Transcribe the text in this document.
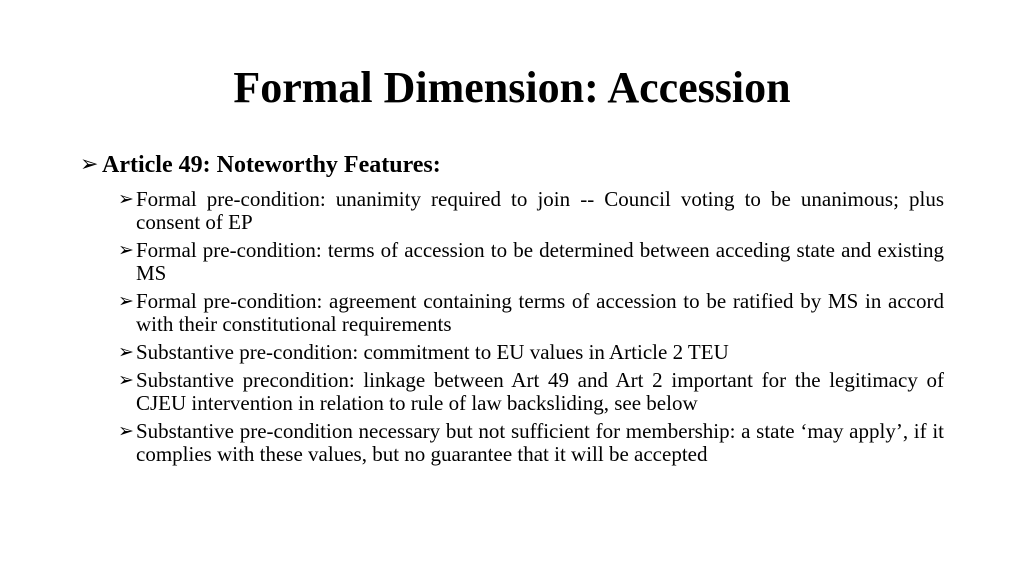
Formal Dimension: Accession
➢ Article 49: Noteworthy Features:
➢ Formal pre-condition: unanimity required to join -- Council voting to be unanimous; plus consent of EP
➢ Formal pre-condition: terms of accession to be determined between acceding state and existing MS
➢ Formal pre-condition: agreement containing terms of accession to be ratified by MS in accord with their constitutional requirements
➢ Substantive pre-condition: commitment to EU values in Article 2 TEU
➢ Substantive precondition: linkage between Art 49 and Art 2 important for the legitimacy of CJEU intervention in relation to rule of law backsliding, see below
➢ Substantive pre-condition necessary but not sufficient for membership: a state ‘may apply’, if it complies with these values, but no guarantee that it will be accepted
